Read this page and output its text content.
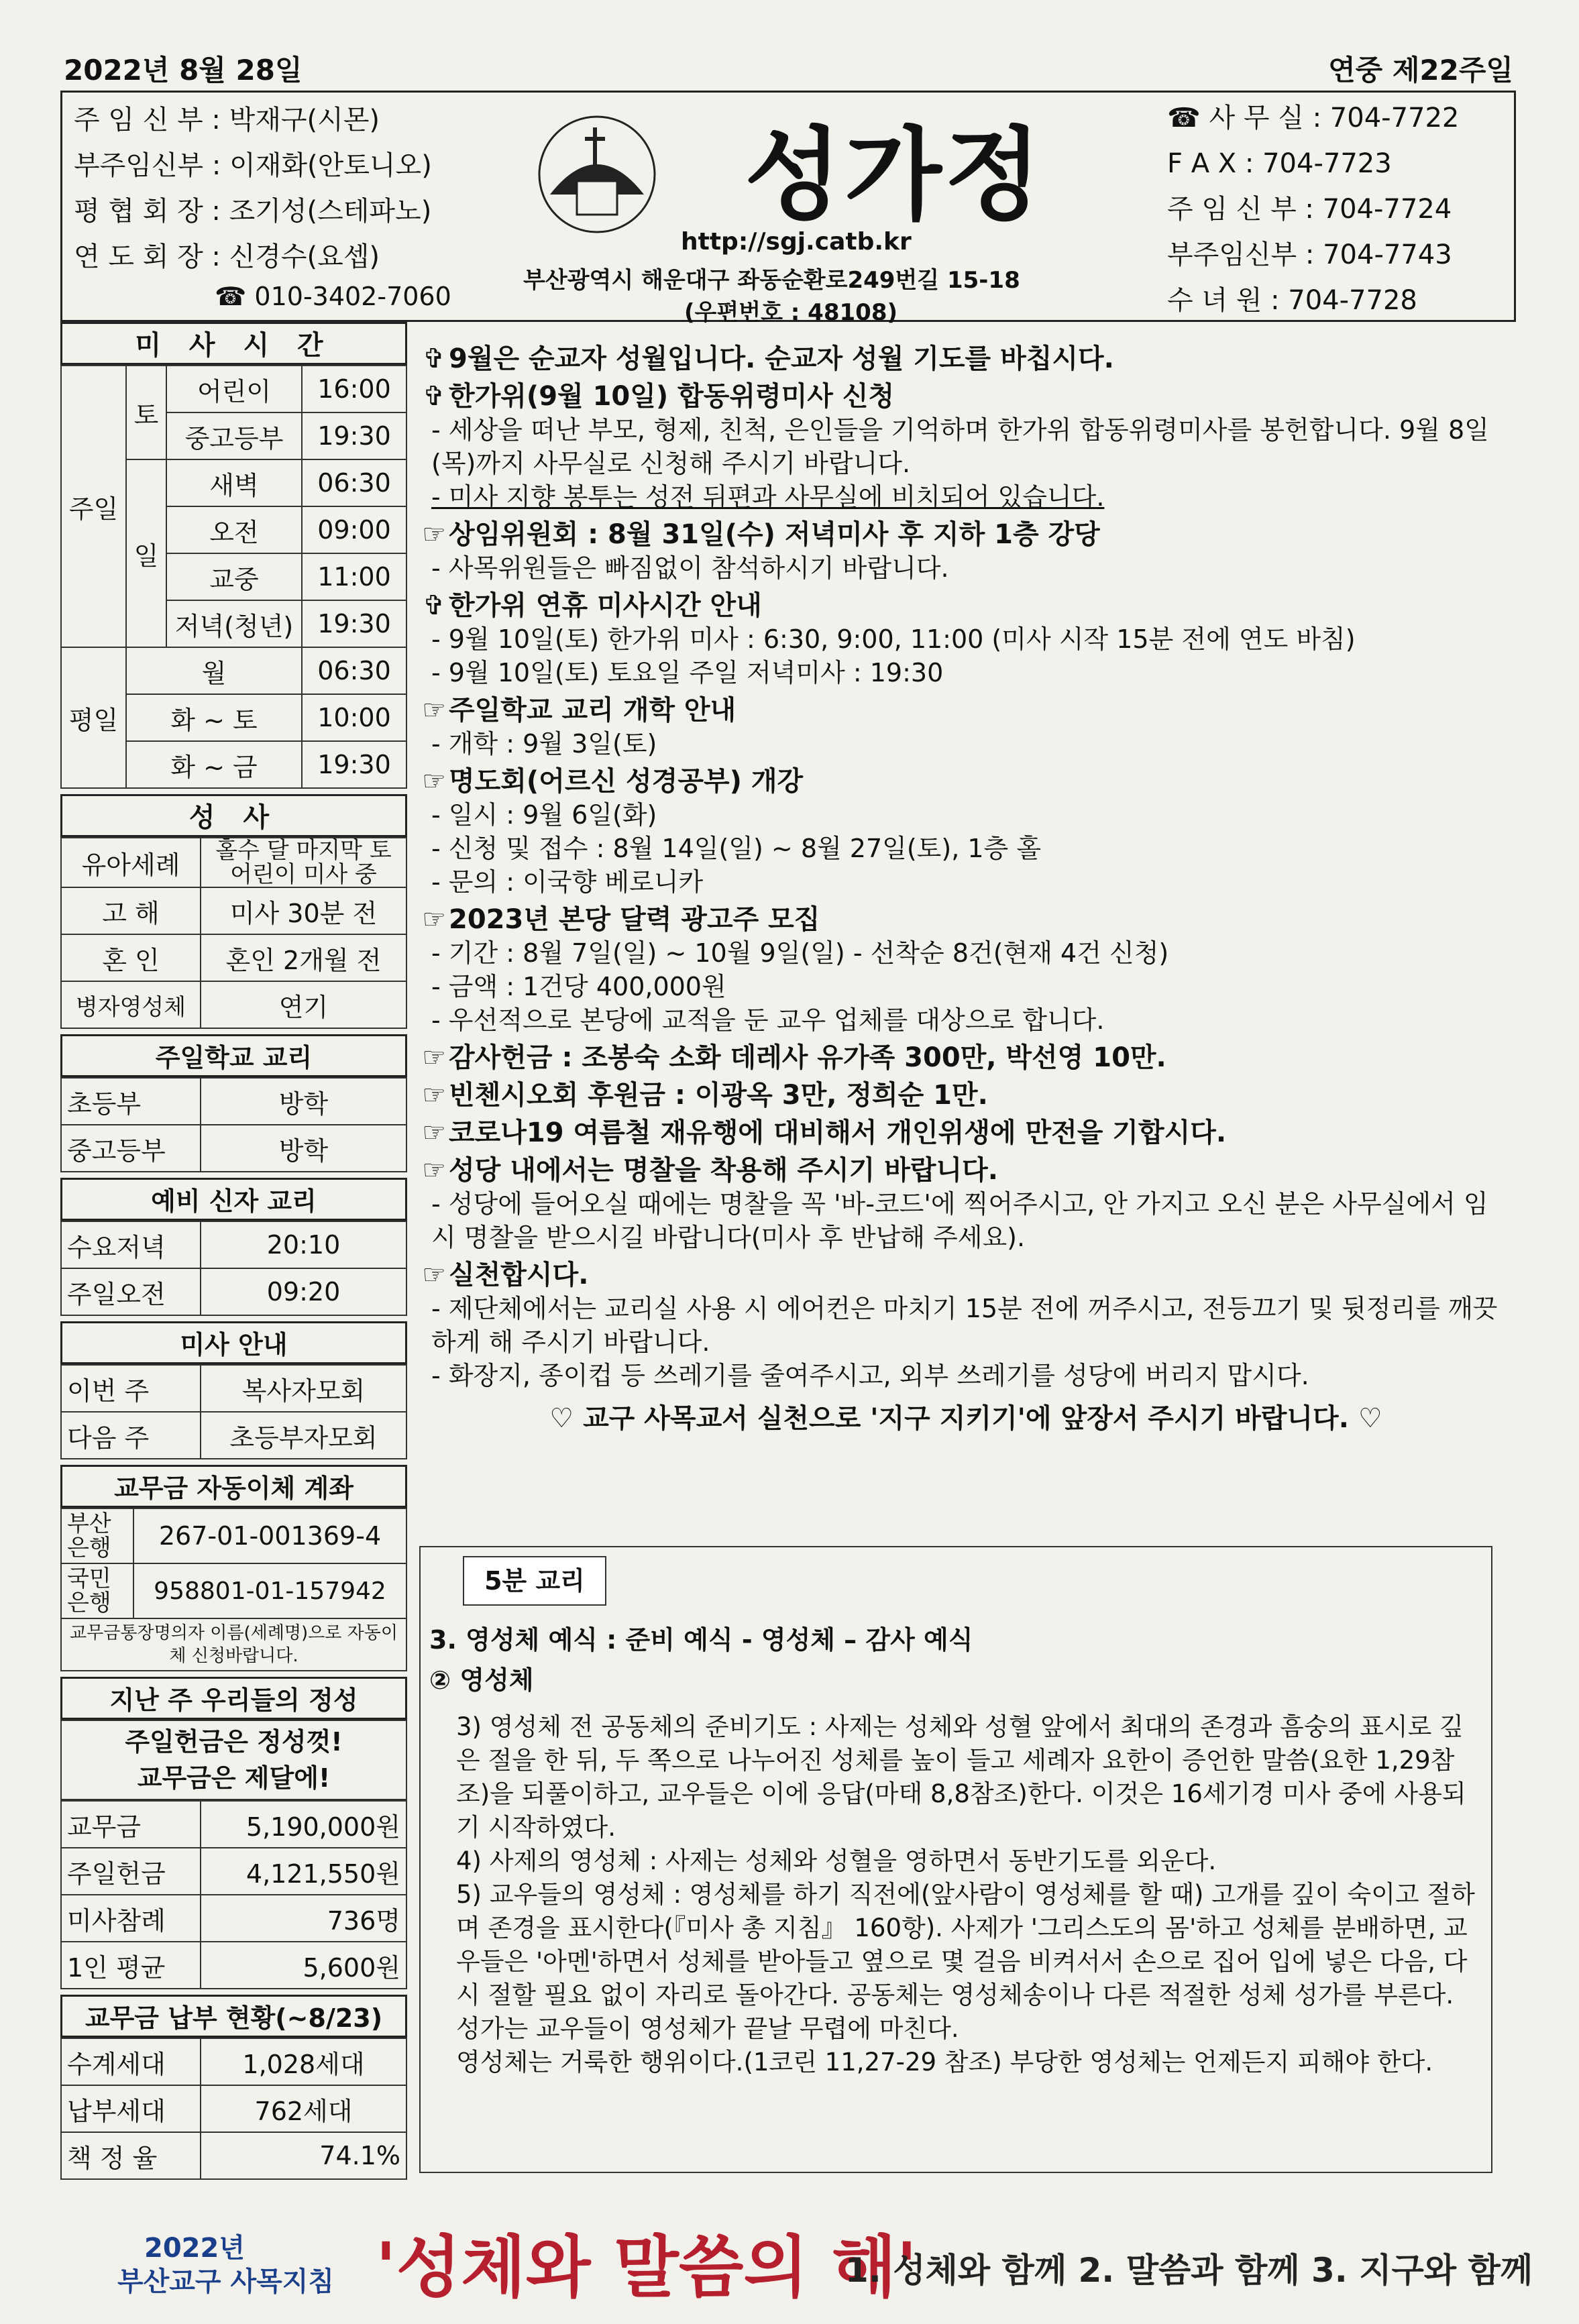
2022년 8월 28일	연중 제22주일
주 임 신 부 : 박재구(시몬)
부주임신부 : 이재화(안토니오)
평 협 회 장 : 조기성(스테파노)
연 도 회 장 : 신경수(요셉)
☎ 010-3402-7060
성가정
http://sgj.catb.kr
부산광역시 해운대구 좌동순환로249번길 15-18
(우편번호 : 48108)
☎ 사 무 실 : 704-7722
F A X : 704-7723
주 임 신 부 : 704-7724
부주임신부 : 704-7743
수 녀 원 : 704-7728
미 사 시 간
주일	토	어린이	16:00
		중고등부	19:30
	일	새벽	06:30
		오전	09:00
		교중	11:00
		저녁(청년)	19:30
평일	월		06:30
	화 ~ 토		10:00
	화 ~ 금		19:30
성 사
유아세례	홀수 달 마지막 토 어린이 미사 중
고 해	미사 30분 전
혼 인	혼인 2개월 전
병자영성체	연기
주일학교 교리
초등부	방학
중고등부	방학
예비 신자 교리
수요저녁	20:10
주일오전	09:20
미사 안내
이번 주	복사자모회
다음 주	초등부자모회
교무금 자동이체 계좌
부산 은행	267-01-001369-4
국민 은행	958801-01-157942
교무금통장명의자 이름(세례명)으로 자동이체 신청바랍니다.	
지난 주 우리들의 정성
주일헌금은 정성껏!
교무금은 제달에!
교무금	5,190,000원
주일헌금	4,121,550원
미사참례	736명
1인 평균	5,600원
교무금 납부 현황(~8/23)
수계세대	1,028세대
납부세대	762세대
책 정 율	74.1%
✞ 9월은 순교자 성월입니다. 순교자 성월 기도를 바칩시다.
✞ 한가위(9월 10일) 합동위령미사 신청
- 세상을 떠난 부모, 형제, 친척, 은인들을 기억하며 한가위 합동위령미사를 봉헌합니다. 9월 8일(목)까지 사무실로 신청해 주시기 바랍니다.
- 미사 지향 봉투는 성전 뒤편과 사무실에 비치되어 있습니다.
☞ 상임위원회 : 8월 31일(수) 저녁미사 후 지하 1층 강당
- 사목위원들은 빠짐없이 참석하시기 바랍니다.
✞ 한가위 연휴 미사시간 안내
- 9월 10일(토) 한가위 미사 : 6:30, 9:00, 11:00 (미사 시작 15분 전에 연도 바침)
- 9월 10일(토) 토요일 주일 저녁미사 : 19:30
☞ 주일학교 교리 개학 안내
- 개학 : 9월 3일(토)
☞ 명도회(어르신 성경공부) 개강
- 일시 : 9월 6일(화)
- 신청 및 접수 : 8월 14일(일) ~ 8월 27일(토), 1층 홀
- 문의 : 이국향 베로니카
☞ 2023년 본당 달력 광고주 모집
- 기간 : 8월 7일(일) ~ 10월 9일(일) - 선착순 8건(현재 4건 신청)
- 금액 : 1건당 400,000원
- 우선적으로 본당에 교적을 둔 교우 업체를 대상으로 합니다.
☞ 감사헌금 : 조봉숙 소화 데레사 유가족 300만, 박선영 10만.
☞ 빈첸시오회 후원금 : 이광옥 3만, 정희순 1만.
☞ 코로나19 여름철 재유행에 대비해서 개인위생에 만전을 기합시다.
☞ 성당 내에서는 명찰을 착용해 주시기 바랍니다.
- 성당에 들어오실 때에는 명찰을 꼭 '바-코드'에 찍어주시고, 안 가지고 오신 분은 사무실에서 임시 명찰을 받으시길 바랍니다(미사 후 반납해 주세요).
☞ 실천합시다.
- 제단체에서는 교리실 사용 시 에어컨은 마치기 15분 전에 꺼주시고, 전등끄기 및 뒷정리를 깨끗하게 해 주시기 바랍니다.
- 화장지, 종이컵 등 쓰레기를 줄여주시고, 외부 쓰레기를 성당에 버리지 맙시다.
♡ 교구 사목교서 실천으로 '지구 지키기'에 앞장서 주시기 바랍니다. ♡
5분 교리

3. 영성체 예식 : 준비 예식 - 영성체 – 감사 예식

② 영성체

3) 영성체 전 공동체의 준비기도 : 사제는 성체와 성혈 앞에서 최대의 존경과 흠숭의 표시로 깊은 절을 한 뒤, 두 쪽으로 나누어진 성체를 높이 들고 세례자 요한이 증언한 말씀(요한 1,29참조)을 되풀이하고, 교우들은 이에 응답(마태 8,8참조)한다. 이것은 16세기경 미사 중에 사용되기 시작하였다.

4) 사제의 영성체 : 사제는 성체와 성혈을 영하면서 동반기도를 외운다.

5) 교우들의 영성체 : 영성체를 하기 직전에(앞사람이 영성체를 할 때) 고개를 깊이 숙이고 절하며 존경을 표시한다(『미사 총 지침』 160항). 사제가 '그리스도의 몸'하고 성체를 분배하면, 교우들은 '아멘'하면서 성체를 받아들고 옆으로 몇 걸음 비켜서서 손으로 집어 입에 넣은 다음, 다시 절할 필요 없이 자리로 돌아간다. 공동체는 영성체송이나 다른 적절한 성체 성가를 부른다. 성가는 교우들이 영성체가 끝날 무렵에 마친다.

영성체는 거룩한 행위이다.(1코린 11,27-29 참조) 부당한 영성체는 언제든지 피해야 한다.

2022년
부산교구 사목지침 '성체와 말씀의 해'
1. 성체와 함께 2. 말씀과 함께 3. 지구와 함께
